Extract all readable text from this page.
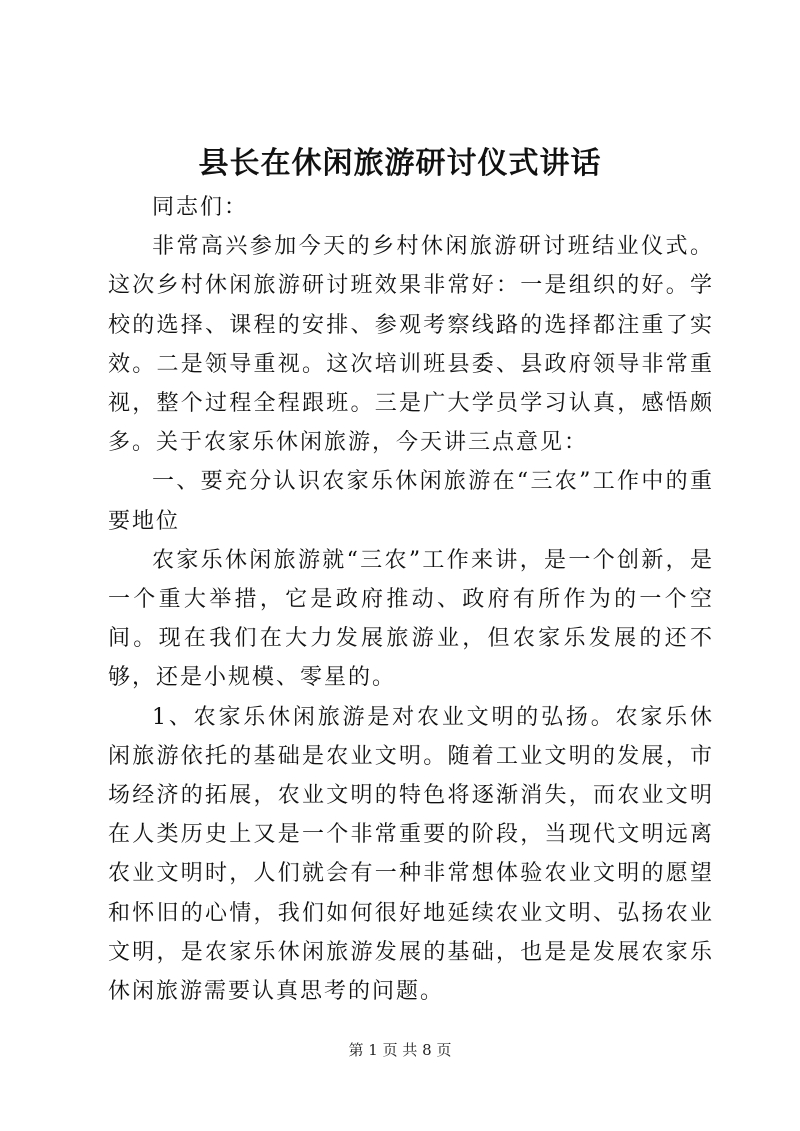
县长在休闲旅游研讨仪式讲话

同志们：

非常高兴参加今天的乡村休闲旅游研讨班结业仪式。这次乡村休闲旅游研讨班效果非常好：一是组织的好。学校的选择、课程的安排、参观考察线路的选择都注重了实效。二是领导重视。这次培训班县委、县政府领导非常重视，整个过程全程跟班。三是广大学员学习认真，感悟颇多。关于农家乐休闲旅游，今天讲三点意见：

一、要充分认识农家乐休闲旅游在“三农”工作中的重要地位

农家乐休闲旅游就“三农”工作来讲，是一个创新，是一个重大举措，它是政府推动、政府有所作为的一个空间。现在我们在大力发展旅游业，但农家乐发展的还不够，还是小规模、零星的。

1、农家乐休闲旅游是对农业文明的弘扬。农家乐休闲旅游依托的基础是农业文明。随着工业文明的发展，市场经济的拓展，农业文明的特色将逐渐消失，而农业文明在人类历史上又是一个非常重要的阶段，当现代文明远离农业文明时，人们就会有一种非常想体验农业文明的愿望和怀旧的心情，我们如何很好地延续农业文明、弘扬农业文明，是农家乐休闲旅游发展的基础，也是是发展农家乐休闲旅游需要认真思考的问题。

第 1 页 共 8 页
